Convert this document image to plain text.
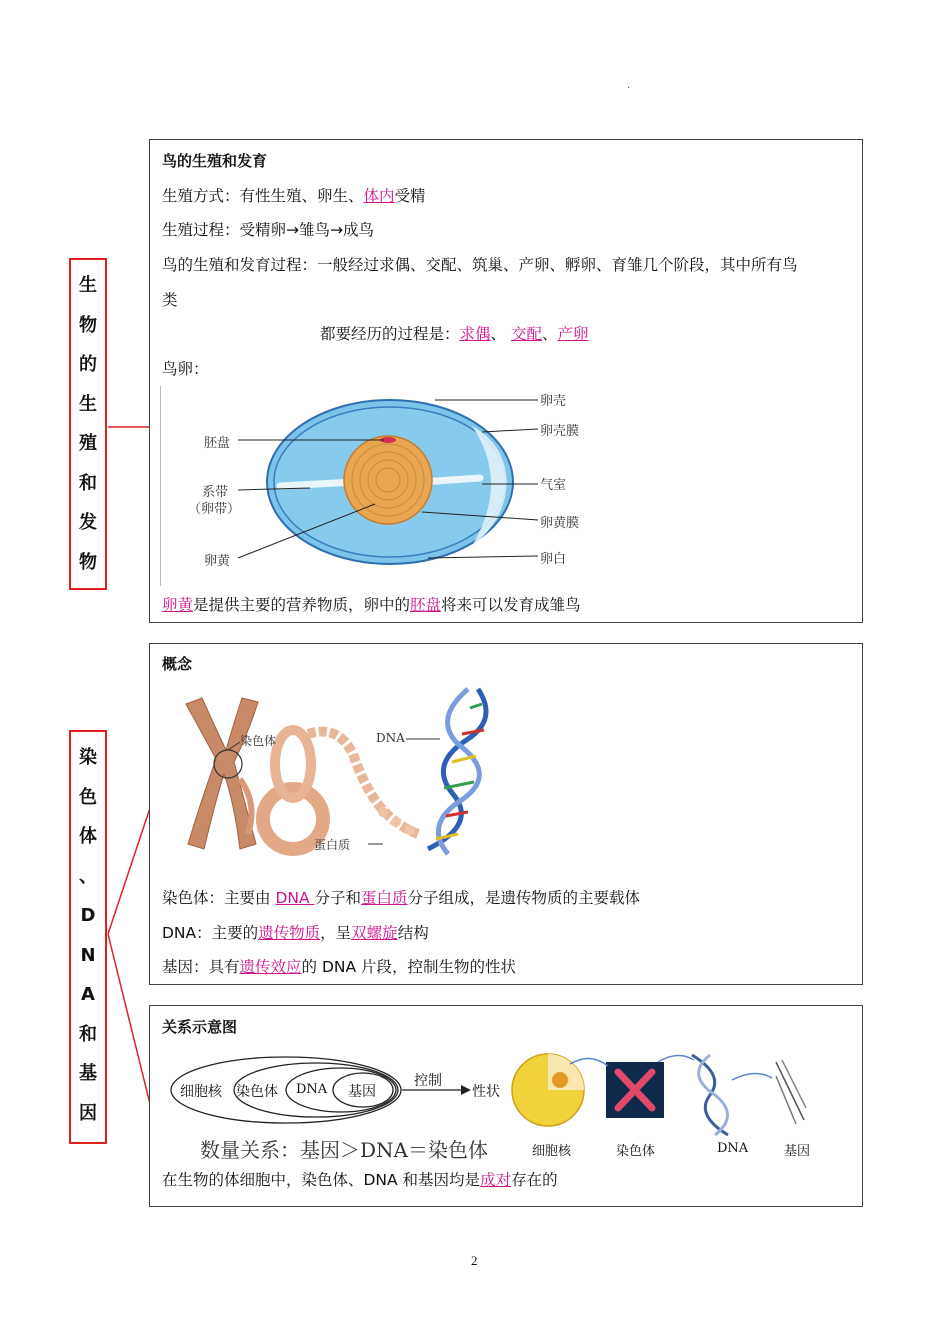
.
生
物
的
生
殖
和
发
物
染
色
体
、
D
N
A
和
基
因
鸟的生殖和发育
生殖方式：有性生殖、卵生、体内受精
生殖过程：受精卵→雏鸟→成鸟
鸟的生殖和发育过程：一般经过求偶、交配、筑巢、产卵、孵卵、育雏几个阶段，其中所有鸟
类
都要经历的过程是：求偶、 交配、产卵
鸟卵：
卵壳
卵壳膜
气室
卵黄膜
卵白
胚盘
系带
（卵带）
卵黄
卵黄是提供主要的营养物质，卵中的胚盘将来可以发育成雏鸟
概念
染色体	DNA
蛋白质
染色体：主要由 DNA 分子和蛋白质分子组成，是遗传物质的主要载体
DNA：主要的遗传物质，呈双螺旋结构
基因：具有遗传效应的 DNA 片段，控制生物的性状
关系示意图
细胞核 染色体 DNA 基因
控制
性状
数量关系：基因＞DNA＝染色体	细胞核	染色体	DNA	基因
在生物的体细胞中，染色体、DNA 和基因均是成对存在的
2
